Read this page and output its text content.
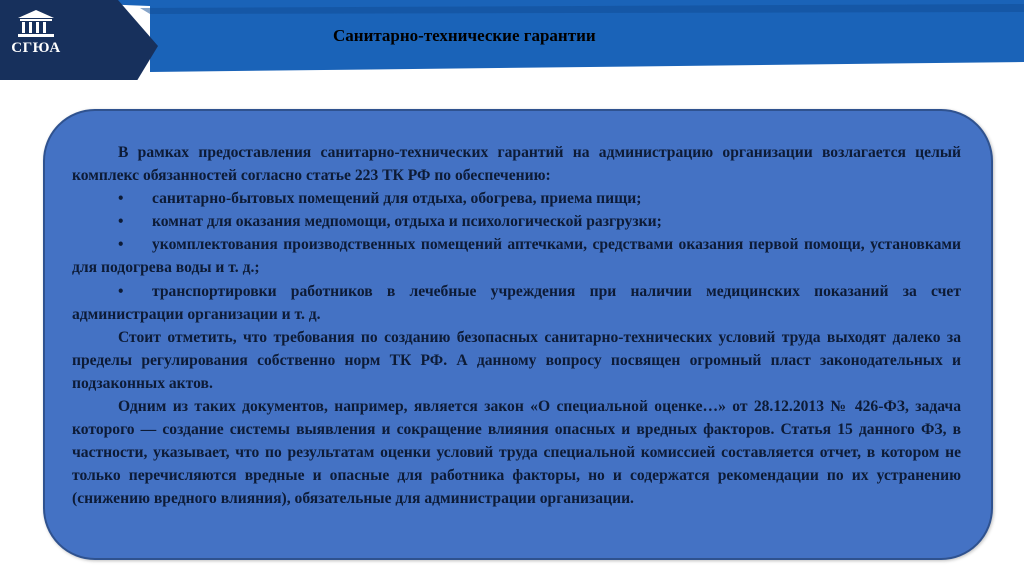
СГЮА
Санитарно-технические гарантии

В рамках предоставления санитарно-технических гарантий на администрацию организации возлагается целый комплекс обязанностей согласно статье 223 ТК РФ по обеспечению:

• санитарно-бытовых помещений для отдыха, обогрева, приема пищи;

• комнат для оказания медпомощи, отдыха и психологической разгрузки;

• укомплектования производственных помещений аптечками, средствами оказания первой помощи, установками для подогрева воды и т. д.;

• транспортировки работников в лечебные учреждения при наличии медицинских показаний за счет администрации организации и т. д.

Стоит отметить, что требования по созданию безопасных санитарно-технических условий труда выходят далеко за пределы регулирования собственно норм ТК РФ. А данному вопросу посвящен огромный пласт законодательных и подзаконных актов.

Одним из таких документов, например, является закон «О специальной оценке…» от 28.12.2013 № 426-ФЗ, задача которого — создание системы выявления и сокращение влияния опасных и вредных факторов. Статья 15 данного ФЗ, в частности, указывает, что по результатам оценки условий труда специальной комиссией составляется отчет, в котором не только перечисляются вредные и опасные для работника факторы, но и содержатся рекомендации по их устранению (снижению вредного влияния), обязательные для администрации организации.
